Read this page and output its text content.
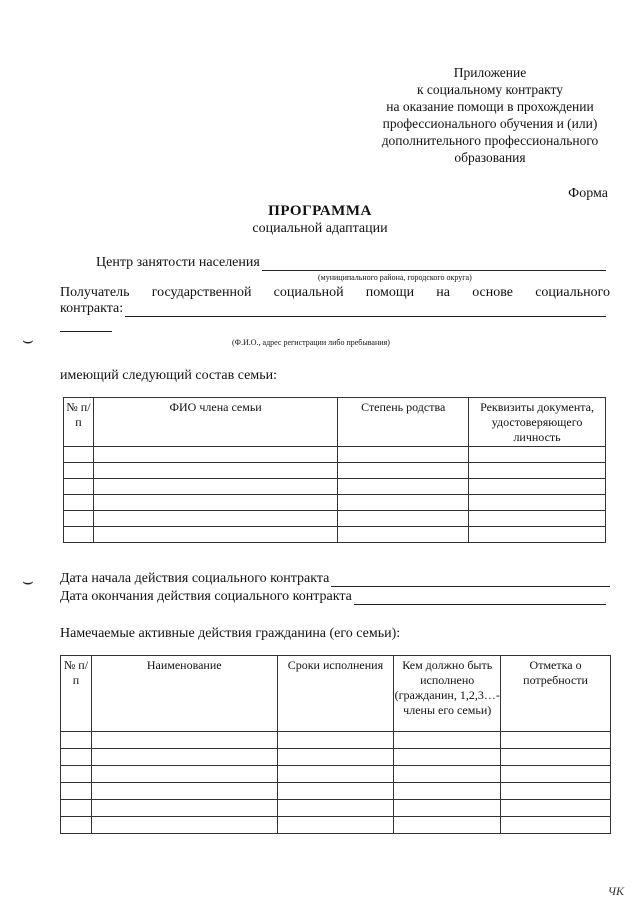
Приложение
к социальному контракту
на оказание помощи в прохождении
профессионального обучения и (или)
дополнительного профессионального
образования
Форма
ПРОГРАММА
социальной адаптации
Центр занятости населения
(муниципального района, городского округа)
Получатель государственной социальной помощи на основе социального
контракта:
(Ф.И.О., адрес регистрации либо пребывания)
имеющий следующий состав семьи:
№ п/п	ФИО члена семьи	Степень родства	Реквизиты документа, удостоверяющего личность

Дата начала действия социального контракта
Дата окончания действия социального контракта
Намечаемые активные действия гражданина (его семьи):
№ п/п	Наименование	Сроки исполнения	Кем должно быть исполнено (гражданин, 1,2,3…- члены его семьи)	Отметка о потребности

⌣
⌣
ЧК
